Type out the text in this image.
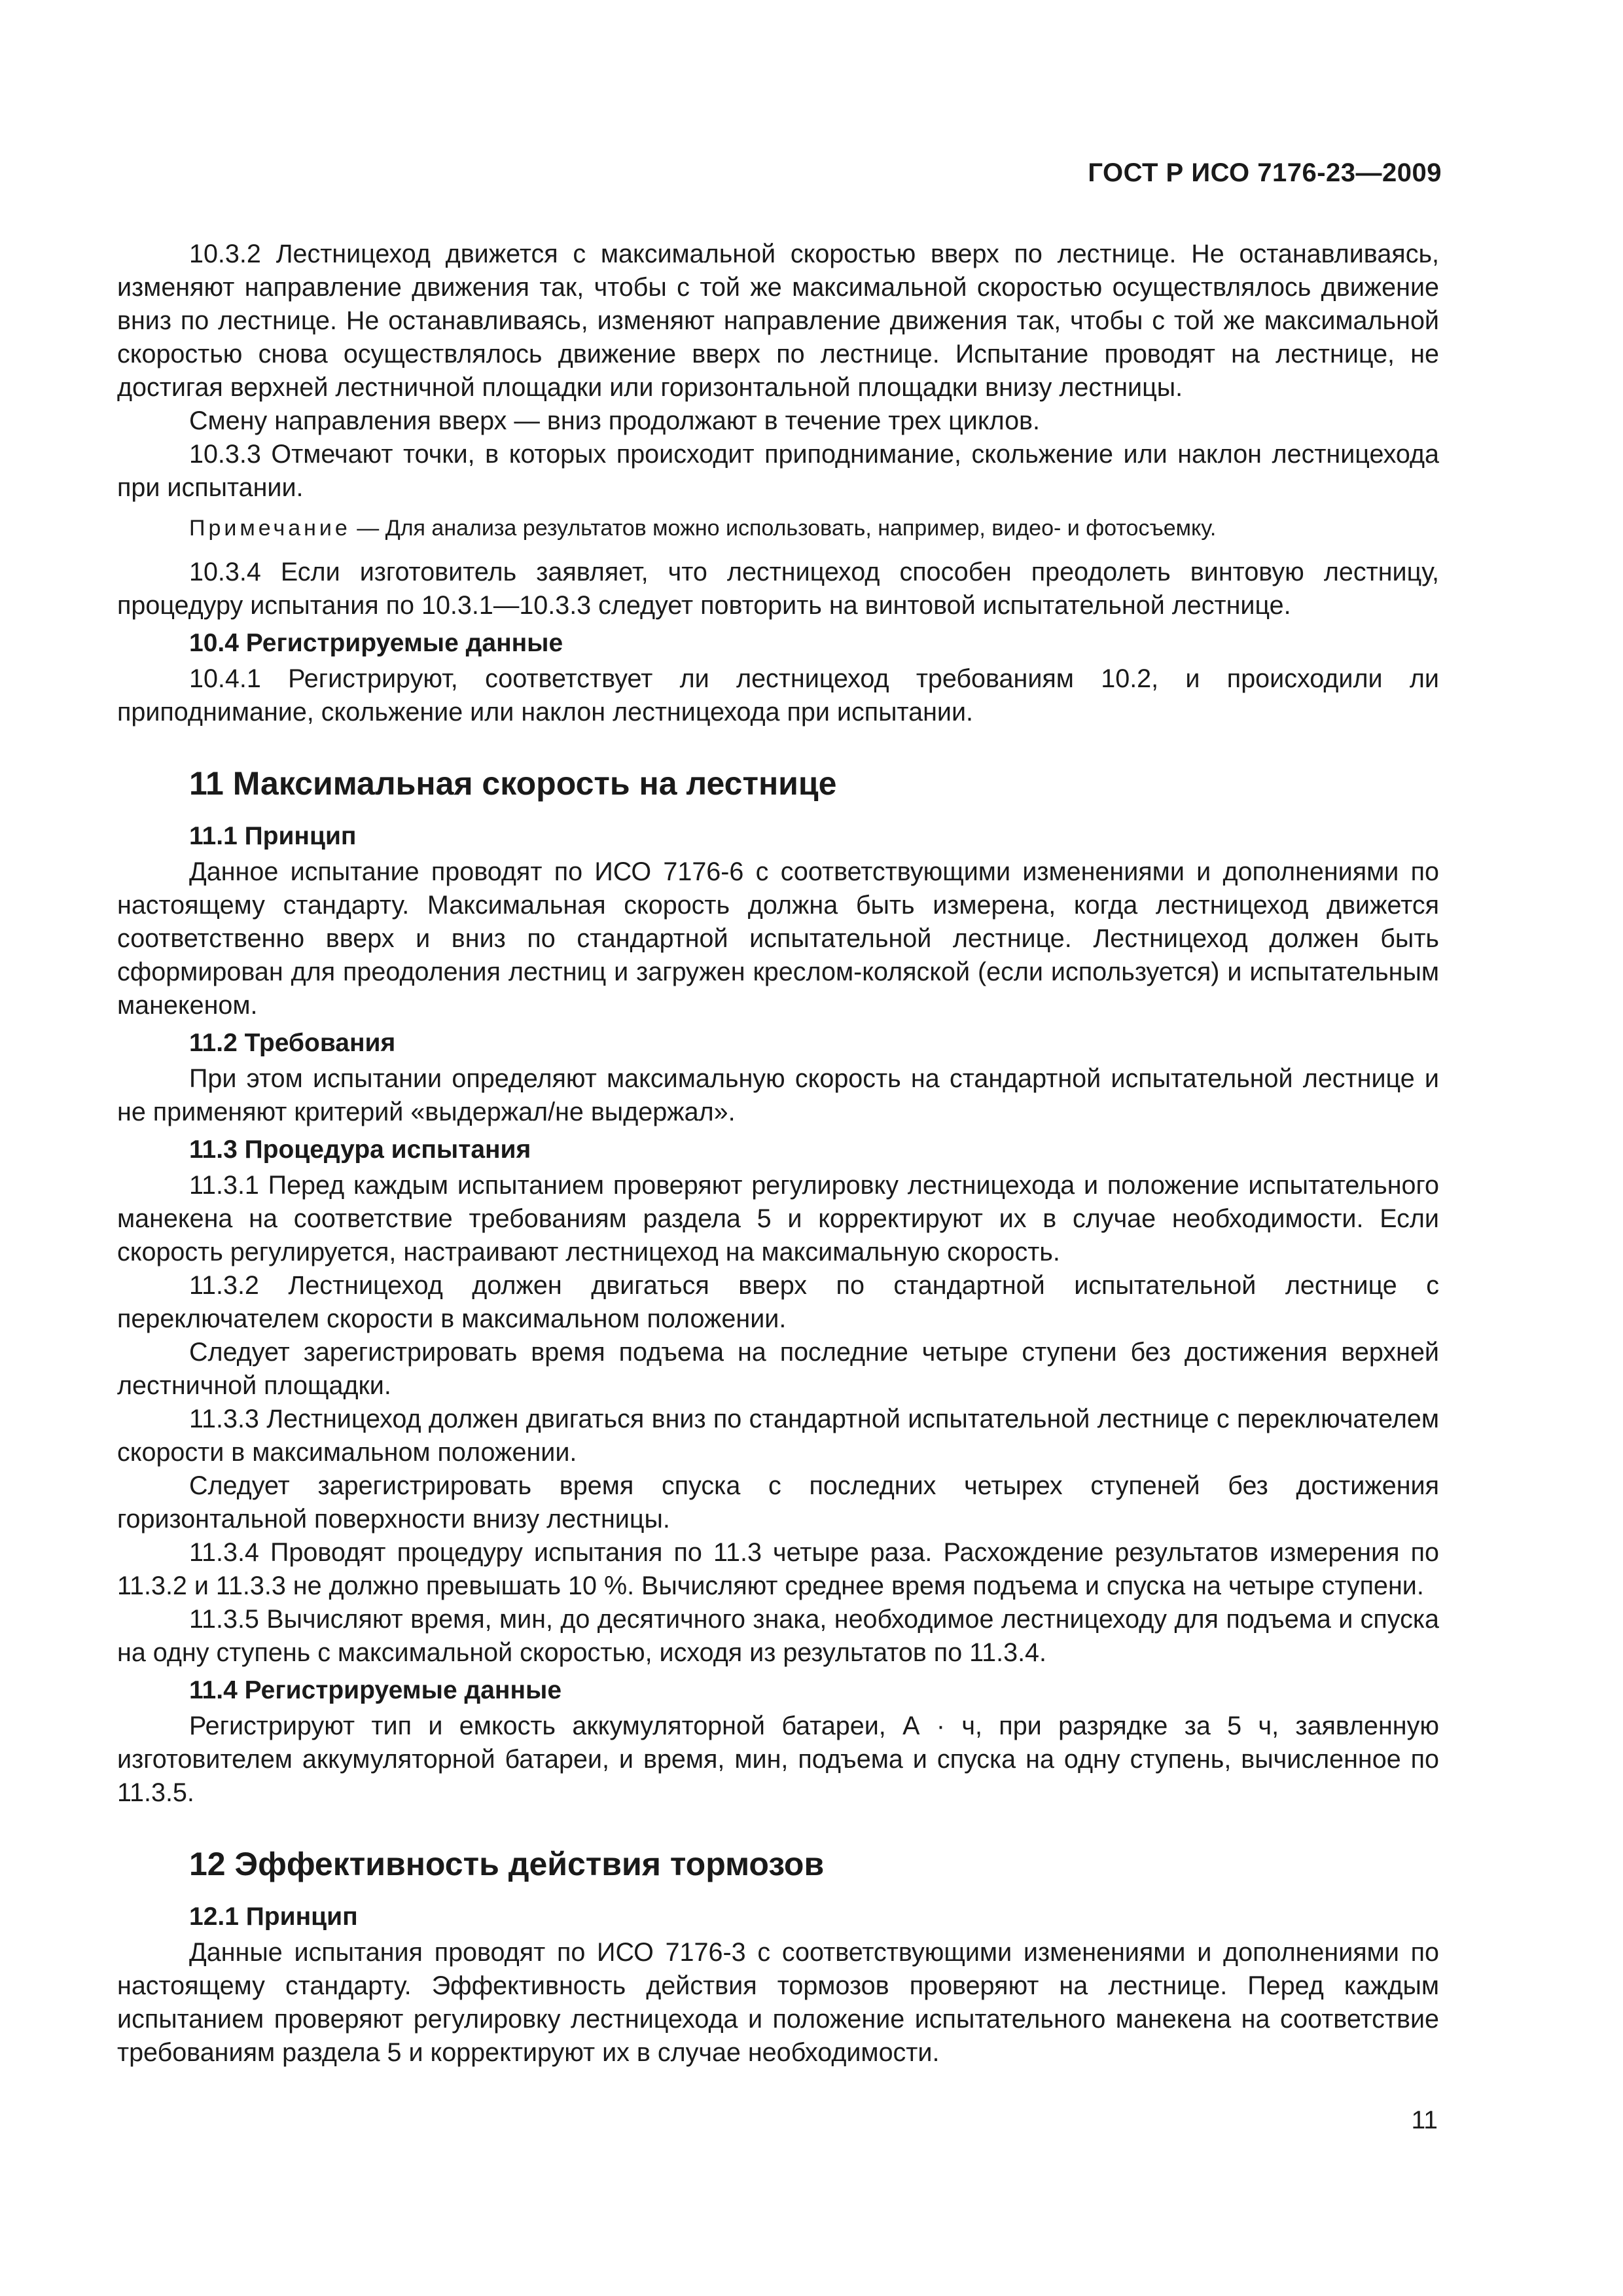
ГОСТ Р ИСО 7176-23—2009

10.3.2 Лестницеход движется с максимальной скоростью вверх по лестнице. Не останавливаясь, изменяют направление движения так, чтобы с той же максимальной скоростью осуществлялось движение вниз по лестнице. Не останавливаясь, изменяют направление движения так, чтобы с той же максимальной скоростью снова осуществлялось движение вверх по лестнице. Испытание проводят на лестнице, не достигая верхней лестничной площадки или горизонтальной площадки внизу лестницы.

Смену направления вверх — вниз продолжают в течение трех циклов.

10.3.3 Отмечают точки, в которых происходит приподнимание, скольжение или наклон лестницехода при испытании.

Примечание — Для анализа результатов можно использовать, например, видео- и фотосъемку.

10.3.4 Если изготовитель заявляет, что лестницеход способен преодолеть винтовую лестницу, процедуру испытания по 10.3.1—10.3.3 следует повторить на винтовой испытательной лестнице.

10.4 Регистрируемые данные

10.4.1 Регистрируют, соответствует ли лестницеход требованиям 10.2, и происходили ли приподнимание, скольжение или наклон лестницехода при испытании.

11 Максимальная скорость на лестнице
11.1 Принцип

Данное испытание проводят по ИСО 7176-6 с соответствующими изменениями и дополнениями по настоящему стандарту. Максимальная скорость должна быть измерена, когда лестницеход движется соответственно вверх и вниз по стандартной испытательной лестнице. Лестницеход должен быть сформирован для преодоления лестниц и загружен креслом-коляской (если используется) и испытательным манекеном.

11.2 Требования

При этом испытании определяют максимальную скорость на стандартной испытательной лестнице и не применяют критерий «выдержал/не выдержал».

11.3 Процедура испытания

11.3.1 Перед каждым испытанием проверяют регулировку лестницехода и положение испытательного манекена на соответствие требованиям раздела 5 и корректируют их в случае необходимости. Если скорость регулируется, настраивают лестницеход на максимальную скорость.

11.3.2 Лестницеход должен двигаться вверх по стандартной испытательной лестнице с переключателем скорости в максимальном положении.

Следует зарегистрировать время подъема на последние четыре ступени без достижения верхней лестничной площадки.

11.3.3 Лестницеход должен двигаться вниз по стандартной испытательной лестнице с переключателем скорости в максимальном положении.

Следует зарегистрировать время спуска с последних четырех ступеней без достижения горизонтальной поверхности внизу лестницы.

11.3.4 Проводят процедуру испытания по 11.3 четыре раза. Расхождение результатов измерения по 11.3.2 и 11.3.3 не должно превышать 10 %. Вычисляют среднее время подъема и спуска на четыре ступени.

11.3.5 Вычисляют время, мин, до десятичного знака, необходимое лестницеходу для подъема и спуска на одну ступень с максимальной скоростью, исходя из результатов по 11.3.4.

11.4 Регистрируемые данные

Регистрируют тип и емкость аккумуляторной батареи, А · ч, при разрядке за 5 ч, заявленную изготовителем аккумуляторной батареи, и время, мин, подъема и спуска на одну ступень, вычисленное по 11.3.5.

12 Эффективность действия тормозов
12.1 Принцип

Данные испытания проводят по ИСО 7176-3 с соответствующими изменениями и дополнениями по настоящему стандарту. Эффективность действия тормозов проверяют на лестнице. Перед каждым испытанием проверяют регулировку лестницехода и положение испытательного манекена на соответствие требованиям раздела 5 и корректируют их в случае необходимости.

11
